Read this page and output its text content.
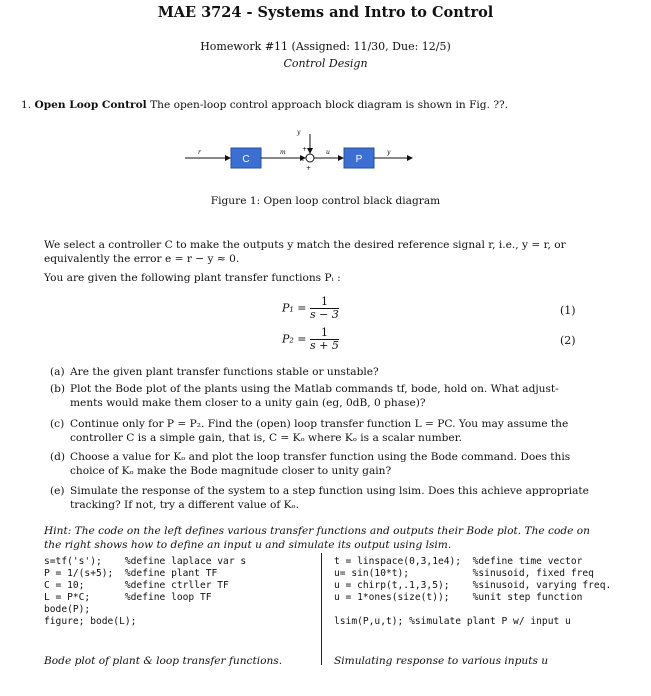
MAE 3724 - Systems and Intro to Control
Homework #11 (Assigned: 11/30, Due: 12/5)
Control Design
1. Open Loop Control The open-loop control approach block diagram is shown in Fig. ??.
C	P
r	m
y
u	y
+
+
-
Figure 1: Open loop control black diagram
We select a controller C to make the outputs y match the desired reference signal r, i.e., y = r, or
equivalently the error e = r − y ≈ 0.
You are given the following plant transfer functions Pᵢ :
$P_1 = \frac{1}{s - 3}$	(1)
$P_2 = \frac{1}{s + 5}$	(2)
(a) Are the given plant transfer functions stable or unstable?
(b) Plot the Bode plot of the plants using the Matlab commands tf, bode, hold on. What adjust-
ments would make them closer to a unity gain (eg, 0dB, 0 phase)?
(c) Continue only for P = P₂. Find the (open) loop transfer function L = PC. You may assume the
controller C is a simple gain, that is, C = Kₒ where Kₒ is a scalar number.
(d) Choose a value for Kₒ and plot the loop transfer function using the Bode command. Does this
choice of Kₒ make the Bode magnitude closer to unity gain?
(e) Simulate the response of the system to a step function using lsim. Does this achieve appropriate
tracking? If not, try a different value of Kₒ.
Hint: The code on the left defines various transfer functions and outputs their Bode plot. The code on
the right shows how to define an input u and simulate its output using lsim.
s=tf('s');    %define laplace var s
P = 1/(s+5);  %define plant TF
C = 10;       %define ctrller TF
L = P*C;      %define loop TF
bode(P);
figure; bode(L);
t = linspace(0,3,1e4);  %define time vector
u= sin(10*t);           %sinusoid, fixed freq
u = chirp(t,.1,3,5);    %sinusoid, varying freq.
u = 1*ones(size(t));    %unit step function

lsim(P,u,t); %simulate plant P w/ input u
Bode plot of plant & loop transfer functions.	Simulating response to various inputs u
